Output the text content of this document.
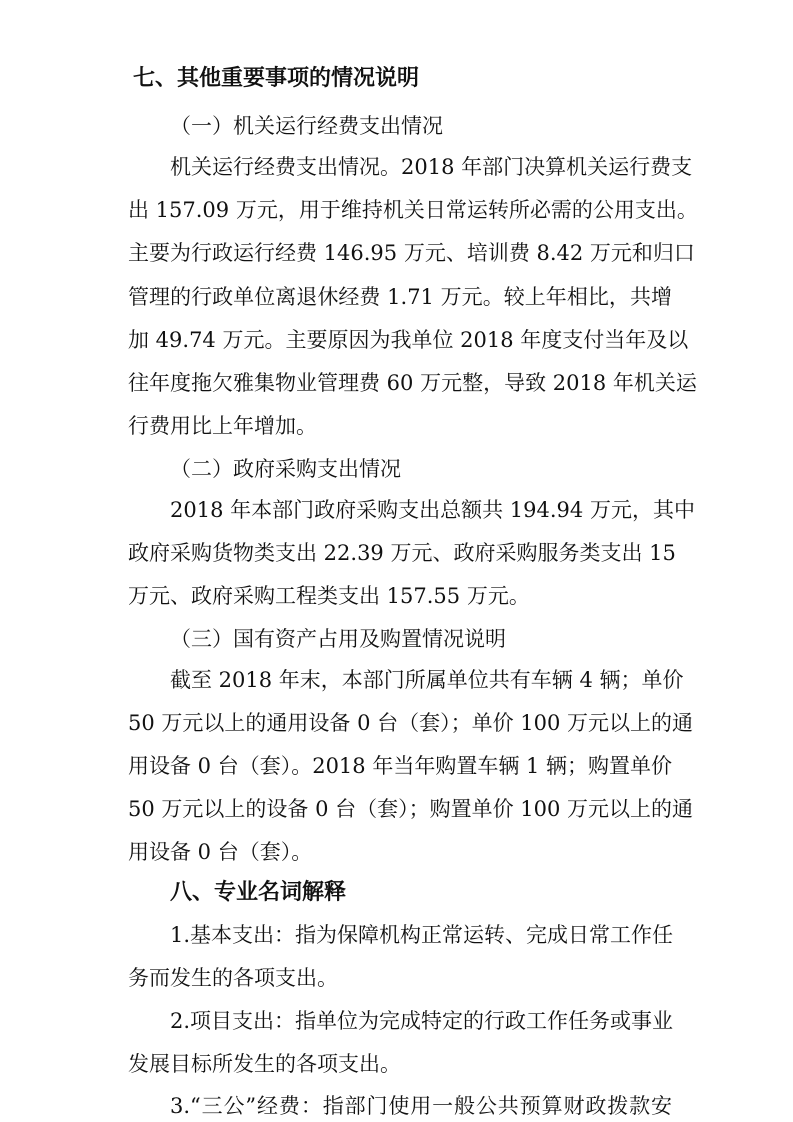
七、其他重要事项的情况说明
（一）机关运行经费支出情况
机关运行经费支出情况。2018 年部门决算机关运行费支
出 157.09 万元，用于维持机关日常运转所必需的公用支出。
主要为行政运行经费 146.95 万元、培训费 8.42 万元和归口
管理的行政单位离退休经费 1.71 万元。较上年相比，共增
加 49.74 万元。主要原因为我单位 2018 年度支付当年及以
往年度拖欠雅集物业管理费 60 万元整，导致 2018 年机关运
行费用比上年增加。
（二）政府采购支出情况
2018 年本部门政府采购支出总额共 194.94 万元，其中
政府采购货物类支出 22.39 万元、政府采购服务类支出 15
万元、政府采购工程类支出 157.55 万元。
（三）国有资产占用及购置情况说明
截至 2018 年末，本部门所属单位共有车辆 4 辆；单价
50 万元以上的通用设备 0 台（套）；单价 100 万元以上的通
用设备 0 台（套）。2018 年当年购置车辆 1 辆；购置单价
50 万元以上的设备 0 台（套）；购置单价 100 万元以上的通
用设备 0 台（套）。
八、专业名词解释
1.基本支出：指为保障机构正常运转、完成日常工作任
务而发生的各项支出。
2.项目支出：指单位为完成特定的行政工作任务或事业
发展目标所发生的各项支出。
3.“三公”经费：指部门使用一般公共预算财政拨款安
